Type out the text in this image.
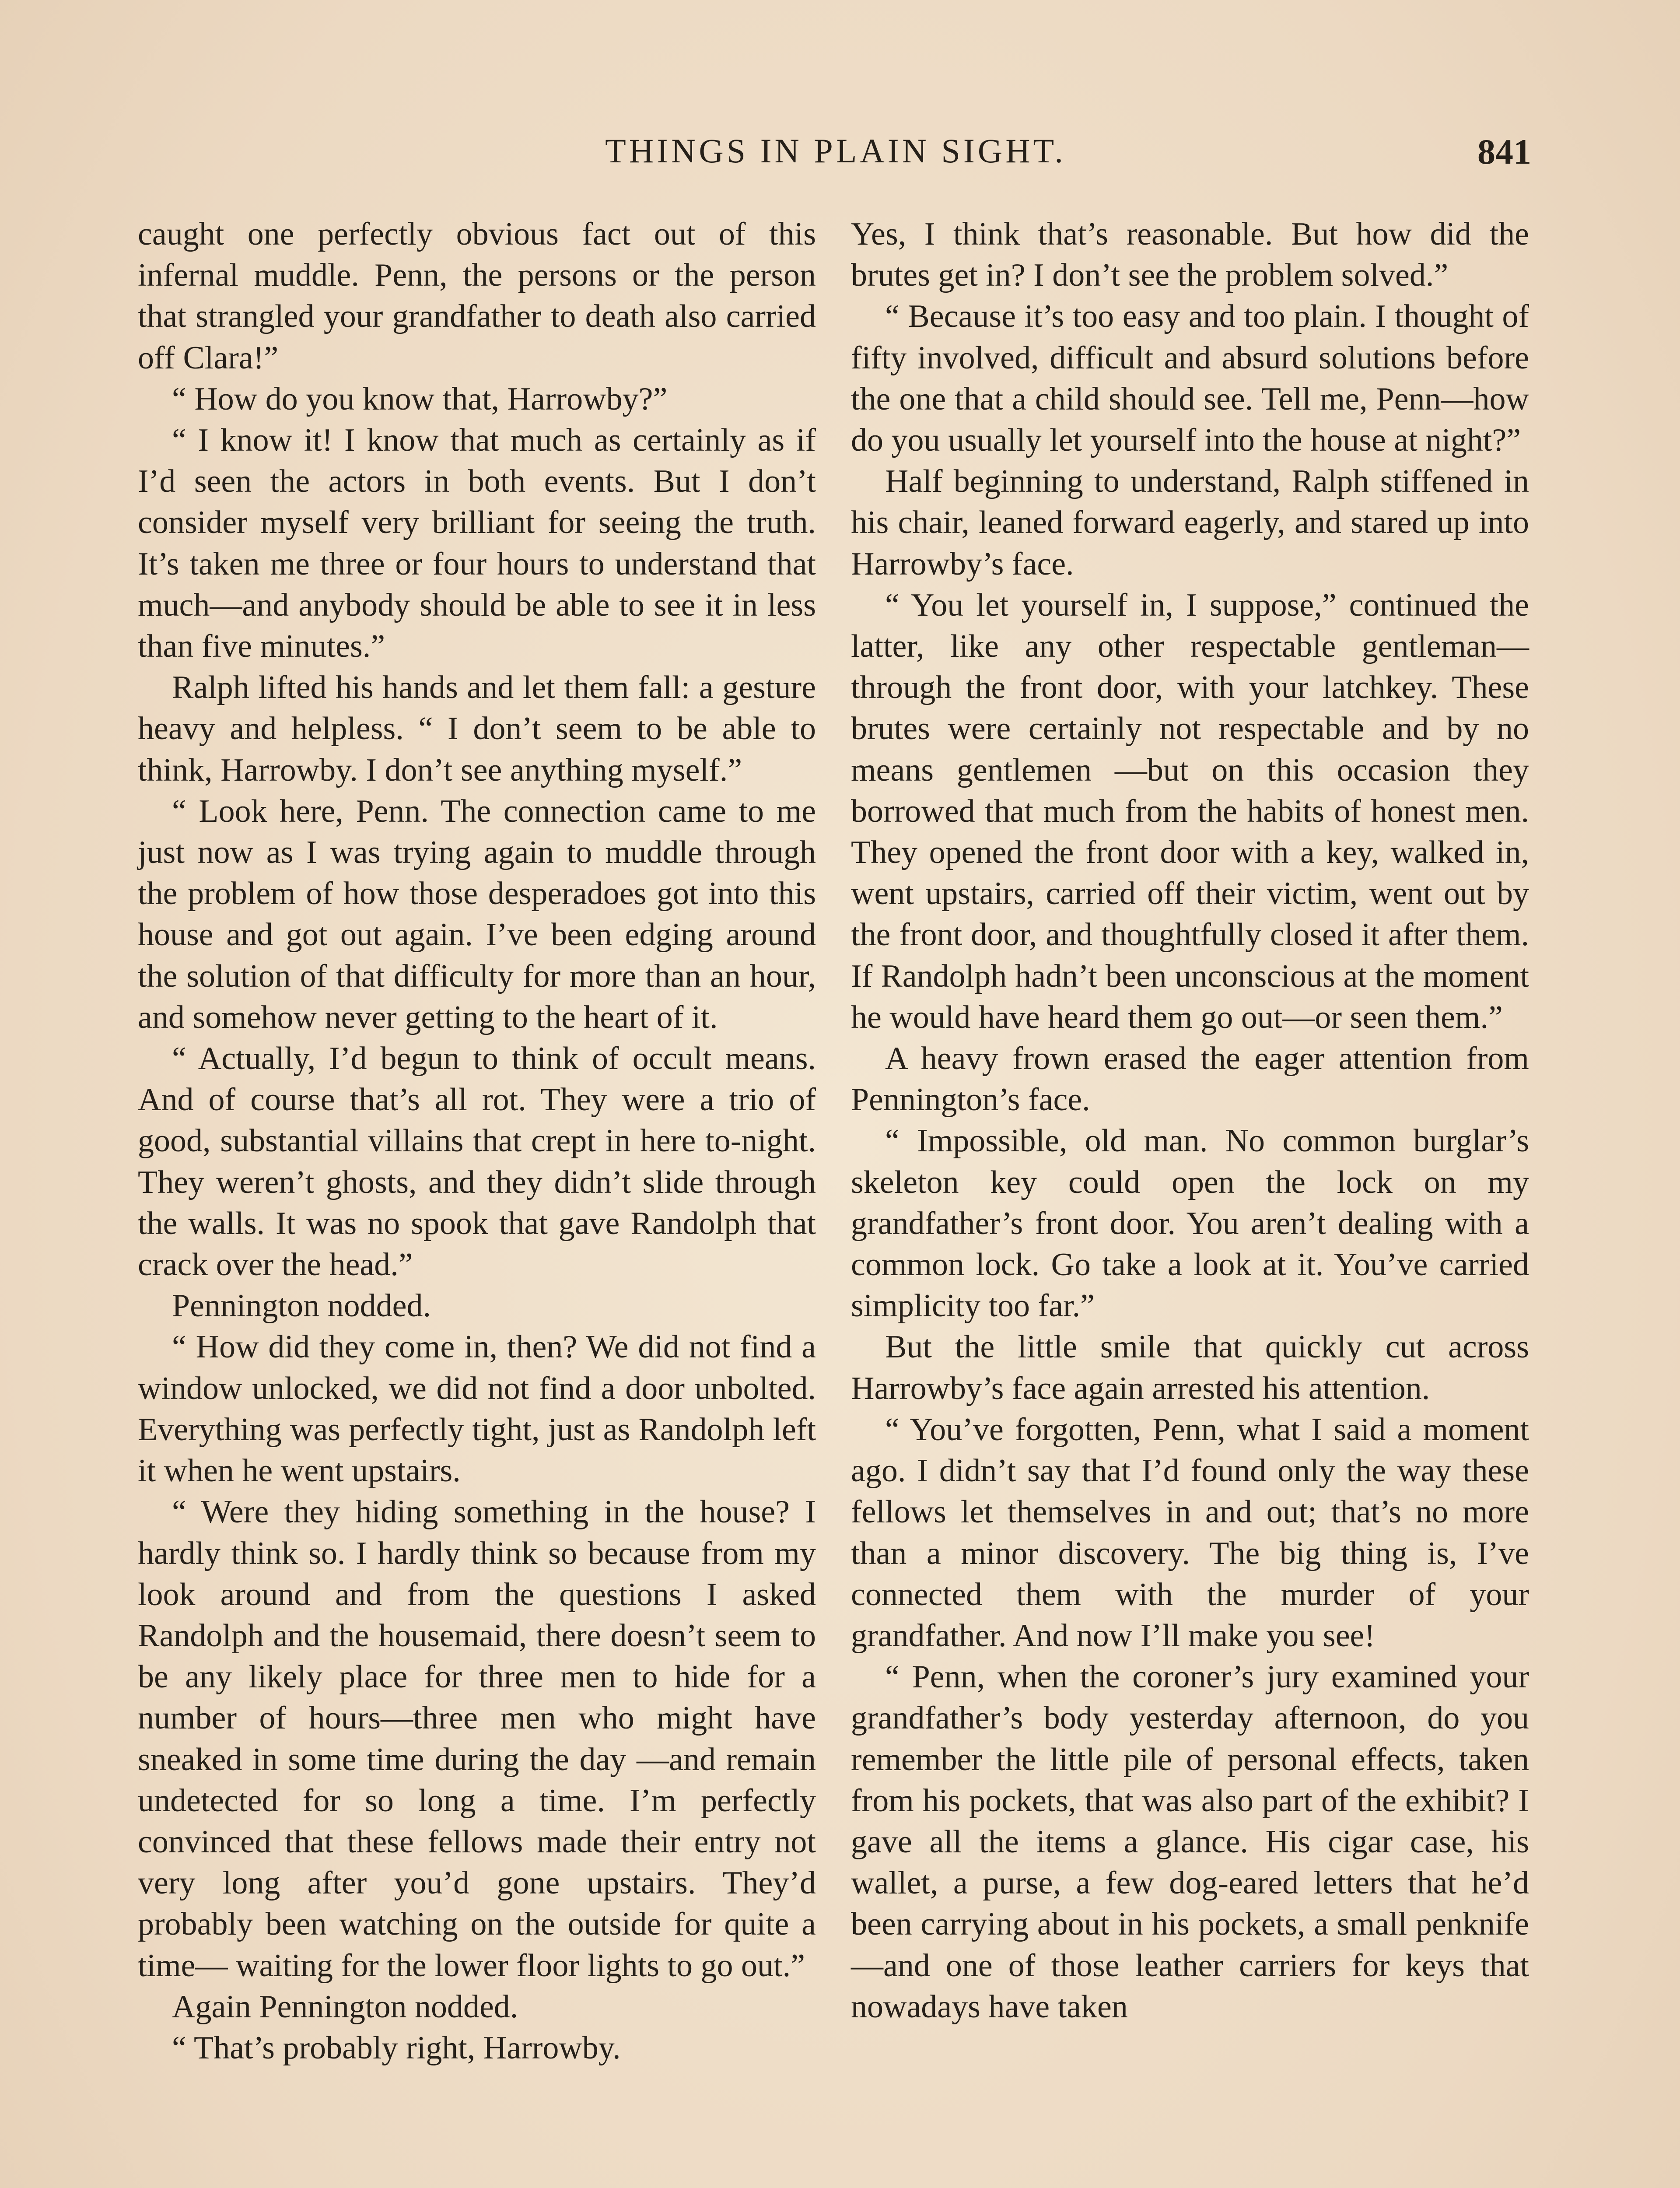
THINGS IN PLAIN SIGHT.	841

caught one perfectly obvious fact out of this infernal muddle. Penn, the persons or the person that strangled your grandfather to death also carried off Clara!”

“ How do you know that, Harrowby?”

“ I know it! I know that much as certainly as if I’d seen the actors in both events. But I don’t consider myself very brilliant for seeing the truth. It’s taken me three or four hours to understand that much—and anybody should be able to see it in less than five minutes.”

Ralph lifted his hands and let them fall: a gesture heavy and helpless. “ I don’t seem to be able to think, Harrowby. I don’t see anything myself.”

“ Look here, Penn. The connection came to me just now as I was trying again to muddle through the problem of how those desperadoes got into this house and got out again. I’ve been edging around the solution of that difficulty for more than an hour, and somehow never getting to the heart of it.

“ Actually, I’d begun to think of occult means. And of course that’s all rot. They were a trio of good, substantial villains that crept in here to-night. They weren’t ghosts, and they didn’t slide through the walls. It was no spook that gave Randolph that crack over the head.”

Pennington nodded.

“ How did they come in, then? We did not find a window unlocked, we did not find a door unbolted. Everything was perfectly tight, just as Randolph left it when he went upstairs.

“ Were they hiding something in the house? I hardly think so. I hardly think so because from my look around and from the questions I asked Randolph and the housemaid, there doesn’t seem to be any likely place for three men to hide for a number of hours—three men who might have sneaked in some time during the day —and remain undetected for so long a time. I’m perfectly convinced that these fellows made their entry not very long after you’d gone upstairs. They’d probably been watching on the outside for quite a time— waiting for the lower floor lights to go out.”

Again Pennington nodded.

“ That’s probably right, Harrowby.

Yes, I think that’s reasonable. But how did the brutes get in? I don’t see the problem solved.”

“ Because it’s too easy and too plain. I thought of fifty involved, difficult and absurd solutions before the one that a child should see. Tell me, Penn—how do you usually let yourself into the house at night?”

Half beginning to understand, Ralph stiffened in his chair, leaned forward eagerly, and stared up into Harrowby’s face.

“ You let yourself in, I suppose,” continued the latter, like any other respectable gentleman—through the front door, with your latchkey. These brutes were certainly not respectable and by no means gentlemen —but on this occasion they borrowed that much from the habits of honest men. They opened the front door with a key, walked in, went upstairs, carried off their victim, went out by the front door, and thoughtfully closed it after them. If Randolph hadn’t been unconscious at the moment he would have heard them go out—or seen them.”

A heavy frown erased the eager attention from Pennington’s face.

“ Impossible, old man. No common burglar’s skeleton key could open the lock on my grandfather’s front door. You aren’t dealing with a common lock. Go take a look at it. You’ve carried simplicity too far.”

But the little smile that quickly cut across Harrowby’s face again arrested his attention.

“ You’ve forgotten, Penn, what I said a moment ago. I didn’t say that I’d found only the way these fellows let themselves in and out; that’s no more than a minor discovery. The big thing is, I’ve connected them with the murder of your grandfather. And now I’ll make you see!

“ Penn, when the coroner’s jury examined your grandfather’s body yesterday afternoon, do you remember the little pile of personal effects, taken from his pockets, that was also part of the exhibit? I gave all the items a glance. His cigar case, his wallet, a purse, a few dog-eared letters that he’d been carrying about in his pockets, a small penknife—and one of those leather carriers for keys that nowadays have taken
